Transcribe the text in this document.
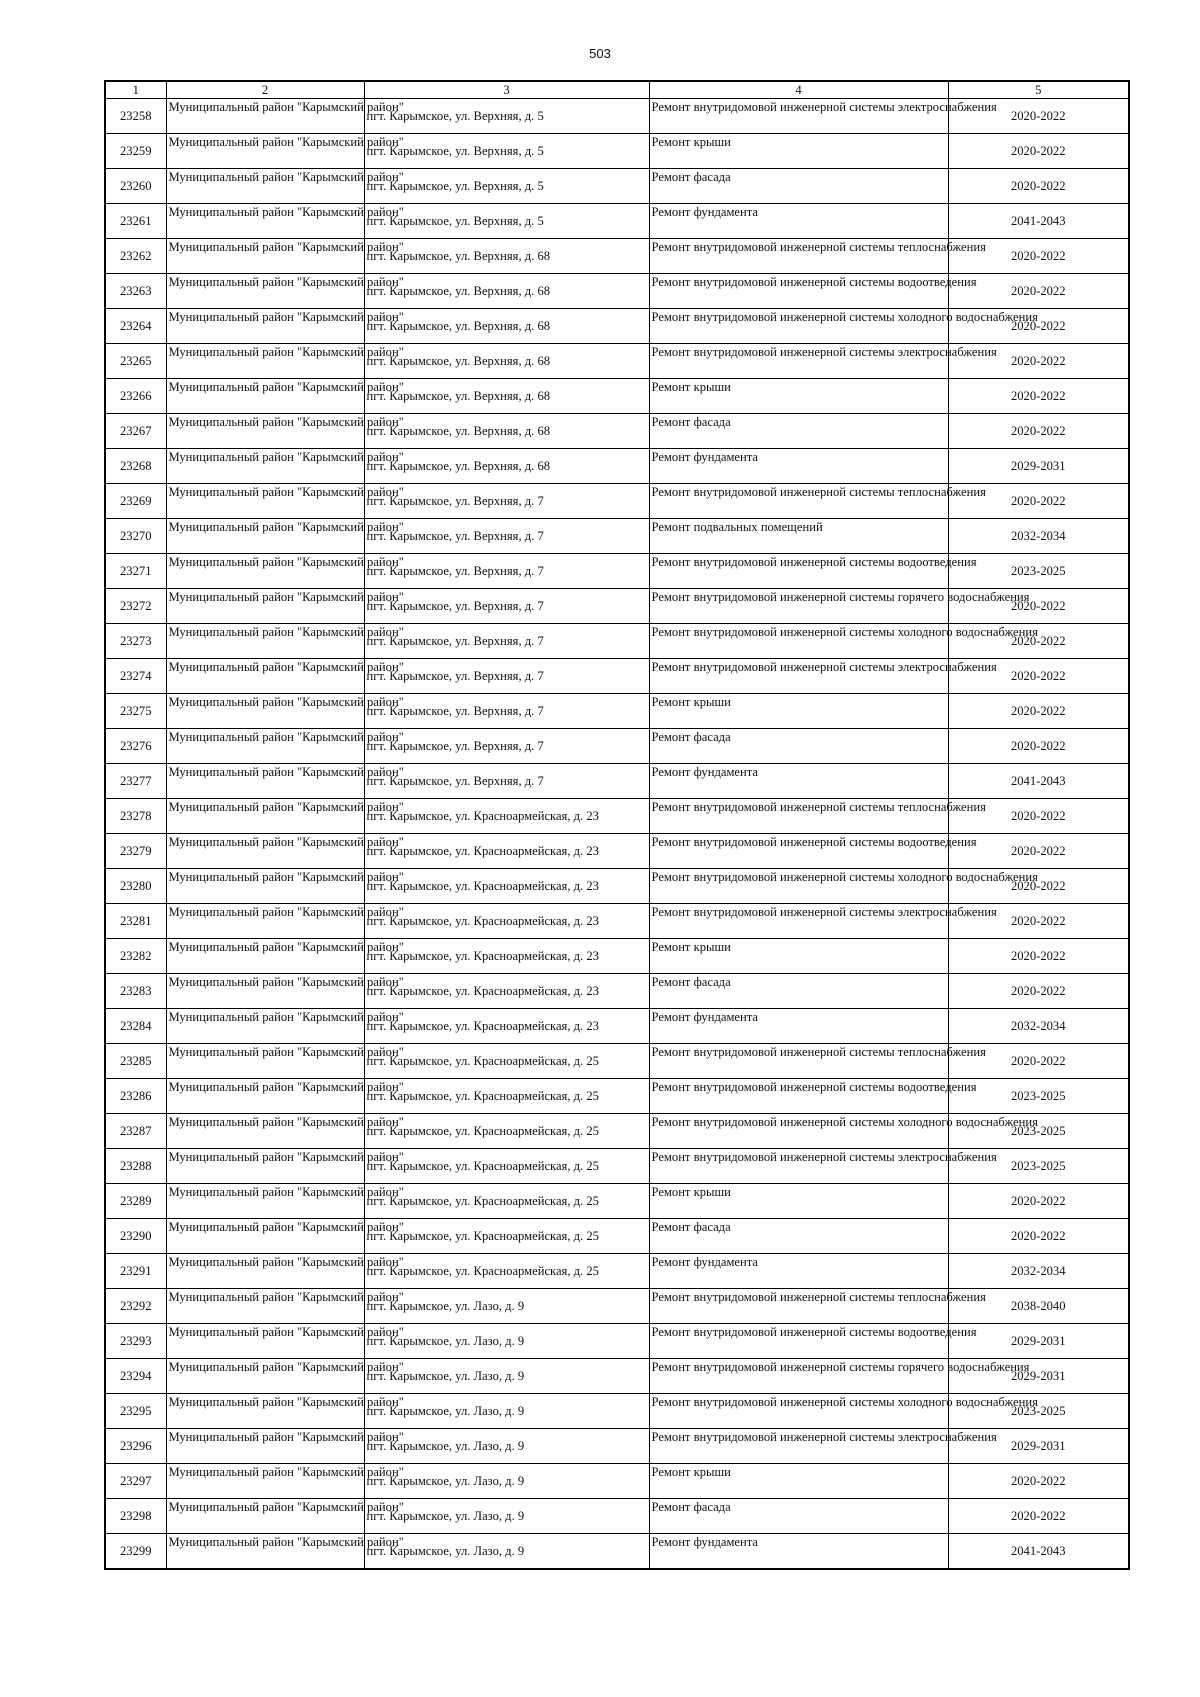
503
1	2	3	4	5
23258	Муниципальный район "Карымский район"	пгт. Карымское, ул. Верхняя, д. 5	Ремонт внутридомовой инженерной системы электроснабжения	2020-2022
23259	Муниципальный район "Карымский район"	пгт. Карымское, ул. Верхняя, д. 5	Ремонт крыши	2020-2022
23260	Муниципальный район "Карымский район"	пгт. Карымское, ул. Верхняя, д. 5	Ремонт фасада	2020-2022
23261	Муниципальный район "Карымский район"	пгт. Карымское, ул. Верхняя, д. 5	Ремонт фундамента	2041-2043
23262	Муниципальный район "Карымский район"	пгт. Карымское, ул. Верхняя, д. 68	Ремонт внутридомовой инженерной системы теплоснабжения	2020-2022
23263	Муниципальный район "Карымский район"	пгт. Карымское, ул. Верхняя, д. 68	Ремонт внутридомовой инженерной системы водоотведения	2020-2022
23264	Муниципальный район "Карымский район"	пгт. Карымское, ул. Верхняя, д. 68	Ремонт внутридомовой инженерной системы холодного водоснабжения	2020-2022
23265	Муниципальный район "Карымский район"	пгт. Карымское, ул. Верхняя, д. 68	Ремонт внутридомовой инженерной системы электроснабжения	2020-2022
23266	Муниципальный район "Карымский район"	пгт. Карымское, ул. Верхняя, д. 68	Ремонт крыши	2020-2022
23267	Муниципальный район "Карымский район"	пгт. Карымское, ул. Верхняя, д. 68	Ремонт фасада	2020-2022
23268	Муниципальный район "Карымский район"	пгт. Карымское, ул. Верхняя, д. 68	Ремонт фундамента	2029-2031
23269	Муниципальный район "Карымский район"	пгт. Карымское, ул. Верхняя, д. 7	Ремонт внутридомовой инженерной системы теплоснабжения	2020-2022
23270	Муниципальный район "Карымский район"	пгт. Карымское, ул. Верхняя, д. 7	Ремонт подвальных помещений	2032-2034
23271	Муниципальный район "Карымский район"	пгт. Карымское, ул. Верхняя, д. 7	Ремонт внутридомовой инженерной системы водоотведения	2023-2025
23272	Муниципальный район "Карымский район"	пгт. Карымское, ул. Верхняя, д. 7	Ремонт внутридомовой инженерной системы горячего водоснабжения	2020-2022
23273	Муниципальный район "Карымский район"	пгт. Карымское, ул. Верхняя, д. 7	Ремонт внутридомовой инженерной системы холодного водоснабжения	2020-2022
23274	Муниципальный район "Карымский район"	пгт. Карымское, ул. Верхняя, д. 7	Ремонт внутридомовой инженерной системы электроснабжения	2020-2022
23275	Муниципальный район "Карымский район"	пгт. Карымское, ул. Верхняя, д. 7	Ремонт крыши	2020-2022
23276	Муниципальный район "Карымский район"	пгт. Карымское, ул. Верхняя, д. 7	Ремонт фасада	2020-2022
23277	Муниципальный район "Карымский район"	пгт. Карымское, ул. Верхняя, д. 7	Ремонт фундамента	2041-2043
23278	Муниципальный район "Карымский район"	пгт. Карымское, ул. Красноармейская, д. 23	Ремонт внутридомовой инженерной системы теплоснабжения	2020-2022
23279	Муниципальный район "Карымский район"	пгт. Карымское, ул. Красноармейская, д. 23	Ремонт внутридомовой инженерной системы водоотведения	2020-2022
23280	Муниципальный район "Карымский район"	пгт. Карымское, ул. Красноармейская, д. 23	Ремонт внутридомовой инженерной системы холодного водоснабжения	2020-2022
23281	Муниципальный район "Карымский район"	пгт. Карымское, ул. Красноармейская, д. 23	Ремонт внутридомовой инженерной системы электроснабжения	2020-2022
23282	Муниципальный район "Карымский район"	пгт. Карымское, ул. Красноармейская, д. 23	Ремонт крыши	2020-2022
23283	Муниципальный район "Карымский район"	пгт. Карымское, ул. Красноармейская, д. 23	Ремонт фасада	2020-2022
23284	Муниципальный район "Карымский район"	пгт. Карымское, ул. Красноармейская, д. 23	Ремонт фундамента	2032-2034
23285	Муниципальный район "Карымский район"	пгт. Карымское, ул. Красноармейская, д. 25	Ремонт внутридомовой инженерной системы теплоснабжения	2020-2022
23286	Муниципальный район "Карымский район"	пгт. Карымское, ул. Красноармейская, д. 25	Ремонт внутридомовой инженерной системы водоотведения	2023-2025
23287	Муниципальный район "Карымский район"	пгт. Карымское, ул. Красноармейская, д. 25	Ремонт внутридомовой инженерной системы холодного водоснабжения	2023-2025
23288	Муниципальный район "Карымский район"	пгт. Карымское, ул. Красноармейская, д. 25	Ремонт внутридомовой инженерной системы электроснабжения	2023-2025
23289	Муниципальный район "Карымский район"	пгт. Карымское, ул. Красноармейская, д. 25	Ремонт крыши	2020-2022
23290	Муниципальный район "Карымский район"	пгт. Карымское, ул. Красноармейская, д. 25	Ремонт фасада	2020-2022
23291	Муниципальный район "Карымский район"	пгт. Карымское, ул. Красноармейская, д. 25	Ремонт фундамента	2032-2034
23292	Муниципальный район "Карымский район"	пгт. Карымское, ул. Лазо, д. 9	Ремонт внутридомовой инженерной системы теплоснабжения	2038-2040
23293	Муниципальный район "Карымский район"	пгт. Карымское, ул. Лазо, д. 9	Ремонт внутридомовой инженерной системы водоотведения	2029-2031
23294	Муниципальный район "Карымский район"	пгт. Карымское, ул. Лазо, д. 9	Ремонт внутридомовой инженерной системы горячего водоснабжения	2029-2031
23295	Муниципальный район "Карымский район"	пгт. Карымское, ул. Лазо, д. 9	Ремонт внутридомовой инженерной системы холодного водоснабжения	2023-2025
23296	Муниципальный район "Карымский район"	пгт. Карымское, ул. Лазо, д. 9	Ремонт внутридомовой инженерной системы электроснабжения	2029-2031
23297	Муниципальный район "Карымский район"	пгт. Карымское, ул. Лазо, д. 9	Ремонт крыши	2020-2022
23298	Муниципальный район "Карымский район"	пгт. Карымское, ул. Лазо, д. 9	Ремонт фасада	2020-2022
23299	Муниципальный район "Карымский район"	пгт. Карымское, ул. Лазо, д. 9	Ремонт фундамента	2041-2043
